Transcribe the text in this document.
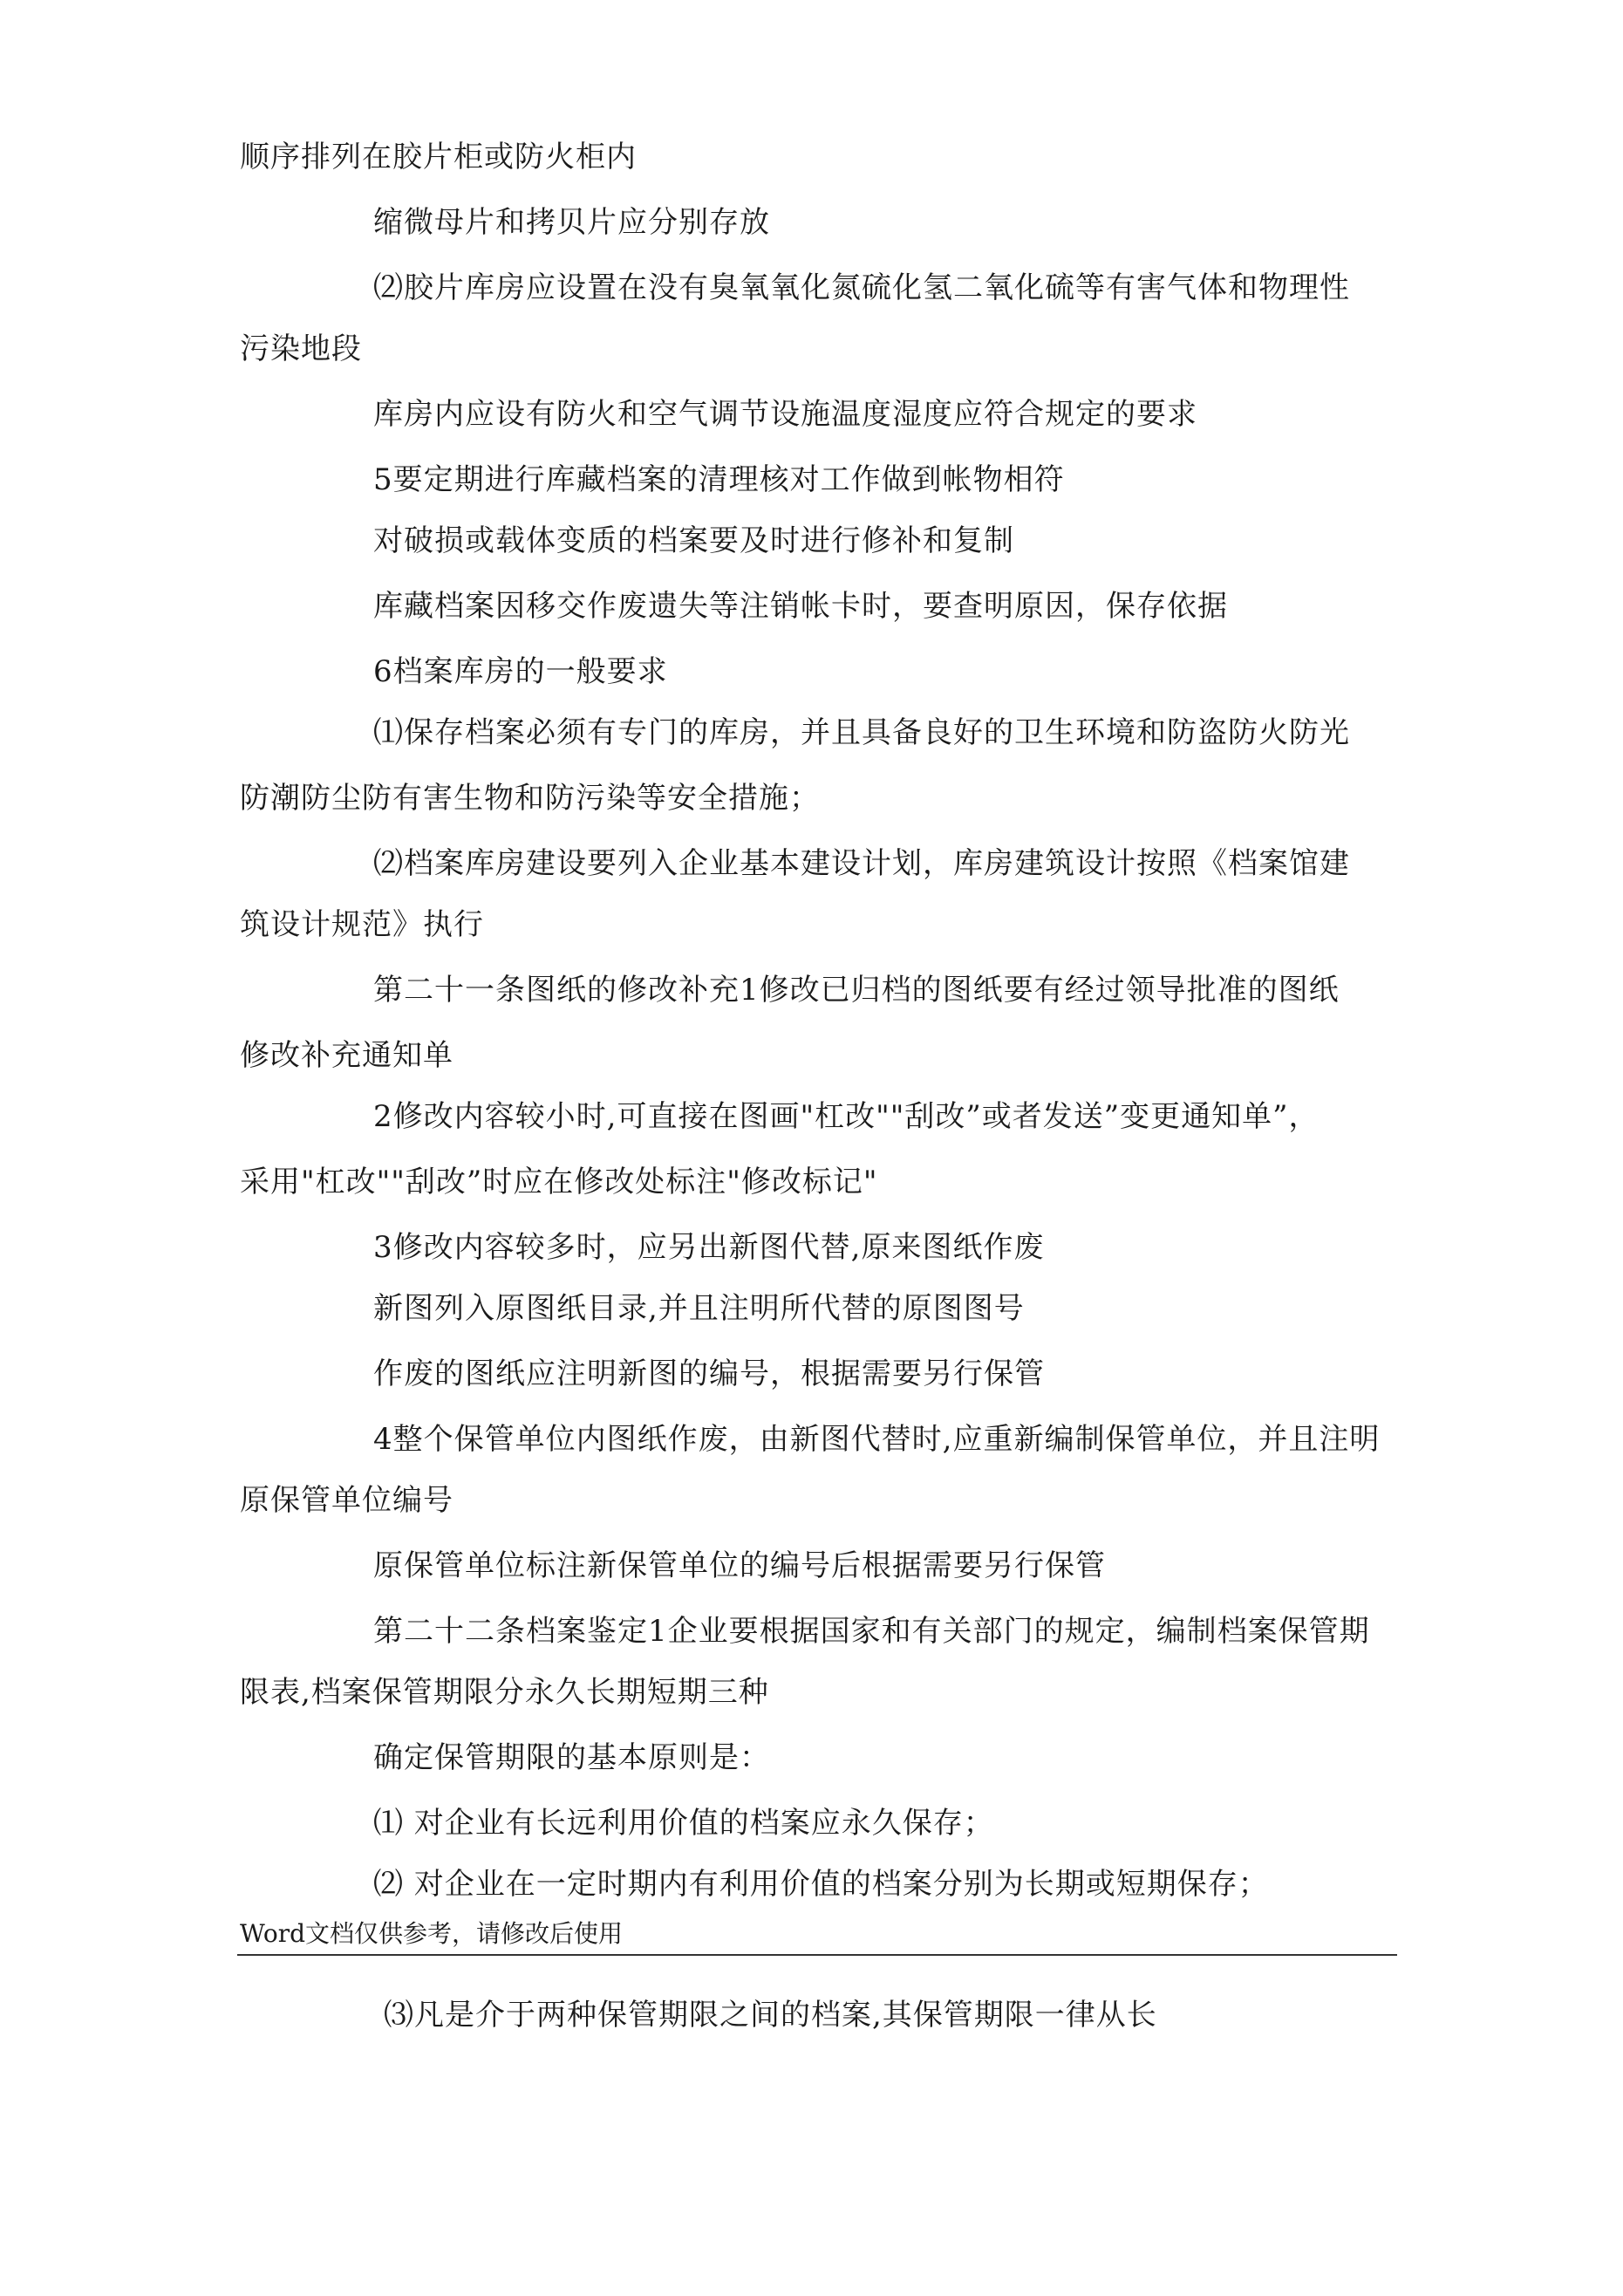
顺序排列在胶片柜或防火柜内
缩微母片和拷贝片应分别存放
⑵胶片库房应设置在没有臭氧氧化氮硫化氢二氧化硫等有害气体和物理性
污染地段
库房内应设有防火和空气调节设施温度湿度应符合规定的要求
5要定期进行库藏档案的清理核对工作做到帐物相符
对破损或载体变质的档案要及时进行修补和复制
库藏档案因移交作废遗失等注销帐卡时，要查明原因，保存依据
6档案库房的一般要求
⑴保存档案必须有专门的库房，并且具备良好的卫生环境和防盗防火防光
防潮防尘防有害生物和防污染等安全措施；
⑵档案库房建设要列入企业基本建设计划，库房建筑设计按照《档案馆建
筑设计规范》执行
第二十一条图纸的修改补充1修改已归档的图纸要有经过领导批准的图纸
修改补充通知单
2修改内容较小时,可直接在图画"杠改""刮改”或者发送”变更通知单”，
采用"杠改""刮改”时应在修改处标注"修改标记"
3修改内容较多时，应另出新图代替,原来图纸作废
新图列入原图纸目录,并且注明所代替的原图图号
作废的图纸应注明新图的编号，根据需要另行保管
4整个保管单位内图纸作废，由新图代替时,应重新编制保管单位，并且注明
原保管单位编号
原保管单位标注新保管单位的编号后根据需要另行保管
第二十二条档案鉴定1企业要根据国家和有关部门的规定，编制档案保管期
限表,档案保管期限分永久长期短期三种
确定保管期限的基本原则是：
⑴ 对企业有长远利用价值的档案应永久保存；
⑵ 对企业在一定时期内有利用价值的档案分别为长期或短期保存；
Word文档仅供参考，请修改后使用
⑶凡是介于两种保管期限之间的档案,其保管期限一律从长
